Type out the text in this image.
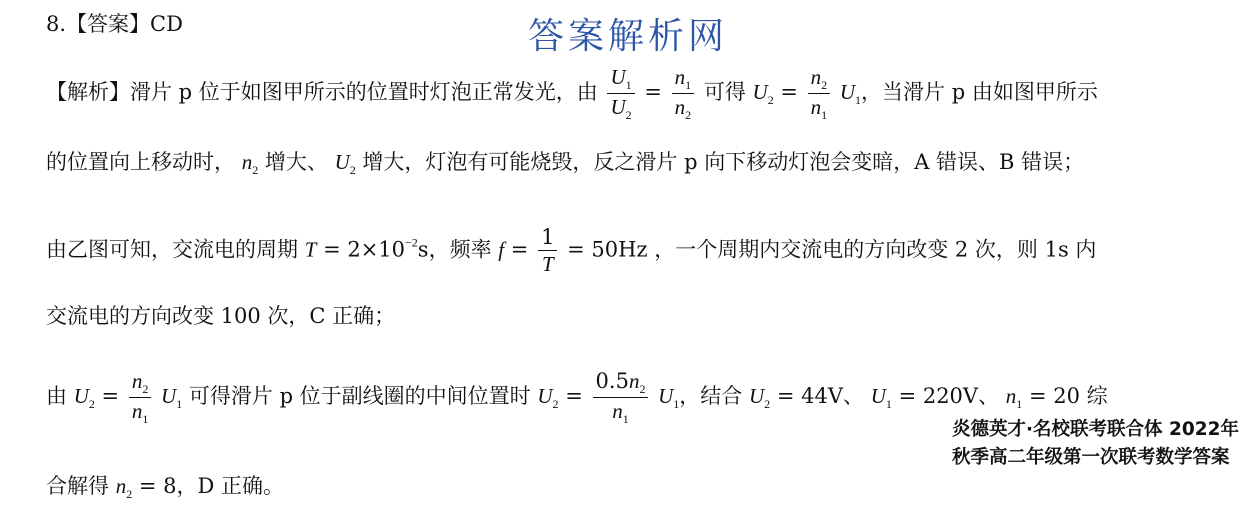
8.【答案】CD	答案解析网
【解析】滑片 p 位于如图甲所示的位置时灯泡正常发光，由 $\frac{U_1}{U_2} = \frac{n_1}{n_2}$ 可得 $U_2 = \frac{n_2}{n_1} U_1$，当滑片 p 由如图甲所示
的位置向上移动时， $n_2$ 增大、 $U_2$ 增大，灯泡有可能烧毁，反之滑片 p 向下移动灯泡会变暗，A 错误、B 错误；
由乙图可知，交流电的周期 $T = 2\times 10^{-2}s$，频率 $f = \frac{1}{T} = 50Hz$ ，一个周期内交流电的方向改变 2 次，则 1s 内
交流电的方向改变 100 次，C 正确；
由 $U_2 = \frac{n_2}{n_1} U_1$ 可得滑片 p 位于副线圈的中间位置时 $U_2 = \frac{0.5n_2}{n_1} U_1$，结合 $U_2 = 44V$、 $U_1 = 220V$、 $n_1 = 20$ 综
合解得 $n_2 = 8$，D 正确。
炎德英才·名校联考联合体 2022年秋季高二年级第一次联考数学答案
